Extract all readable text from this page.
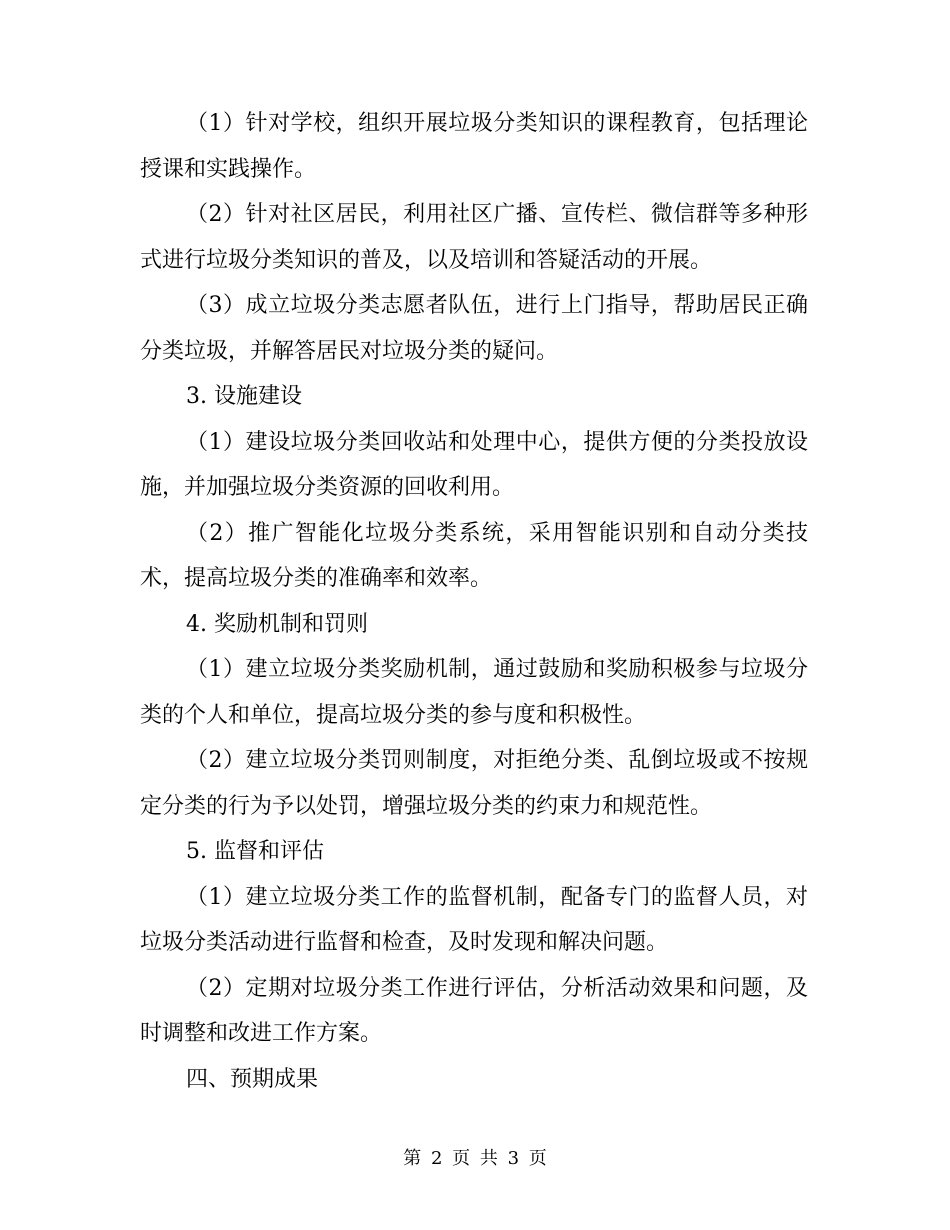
（1）针对学校，组织开展垃圾分类知识的课程教育，包括理论授课和实践操作。

（2）针对社区居民，利用社区广播、宣传栏、微信群等多种形式进行垃圾分类知识的普及，以及培训和答疑活动的开展。

（3）成立垃圾分类志愿者队伍，进行上门指导，帮助居民正确分类垃圾，并解答居民对垃圾分类的疑问。

3. 设施建设

（1）建设垃圾分类回收站和处理中心，提供方便的分类投放设施，并加强垃圾分类资源的回收利用。

（2）推广智能化垃圾分类系统，采用智能识别和自动分类技术，提高垃圾分类的准确率和效率。

4. 奖励机制和罚则

（1）建立垃圾分类奖励机制，通过鼓励和奖励积极参与垃圾分类的个人和单位，提高垃圾分类的参与度和积极性。

（2）建立垃圾分类罚则制度，对拒绝分类、乱倒垃圾或不按规定分类的行为予以处罚，增强垃圾分类的约束力和规范性。

5. 监督和评估

（1）建立垃圾分类工作的监督机制，配备专门的监督人员，对垃圾分类活动进行监督和检查，及时发现和解决问题。

（2）定期对垃圾分类工作进行评估，分析活动效果和问题，及时调整和改进工作方案。

四、预期成果

第 2 页 共 3 页
